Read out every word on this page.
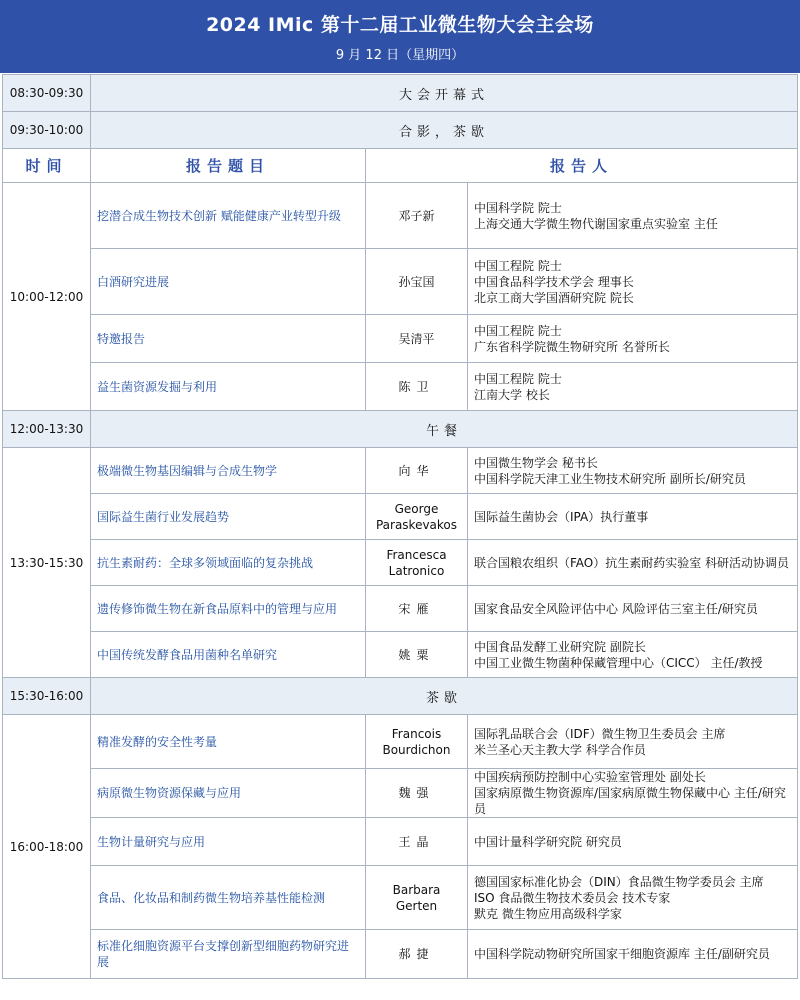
2024 IMic 第十二届工业微生物大会主会场
9 月 12 日（星期四）
08:30-09:30	大会开幕式		
09:30-10:00	合影，茶歇		
时间	报告题目	报告人	
10:00-12:00	挖潜合成生物技术创新 赋能健康产业转型升级	邓子新	中国科学院 院士
上海交通大学微生物代谢国家重点实验室 主任

	白酒研究进展	孙宝国	中国工程院 院士
中国食品科学技术学会 理事长
北京工商大学国酒研究院 院长

	特邀报告	吴清平	中国工程院 院士
广东省科学院微生物研究所 名誉所长

	益生菌资源发掘与利用	陈卫	中国工程院 院士
江南大学 校长

12:00-13:30	午餐		
13:30-15:30	极端微生物基因编辑与合成生物学	向华	中国微生物学会 秘书长
中国科学院天津工业生物技术研究所 副所长/研究员

	国际益生菌行业发展趋势	George Paraskevakos	国际益生菌协会（IPA）执行董事

	抗生素耐药：全球多领域面临的复杂挑战	Francesca Latronico	联合国粮农组织（FAO）抗生素耐药实验室 科研活动协调员

	遗传修饰微生物在新食品原料中的管理与应用	宋雁	国家食品安全风险评估中心 风险评估三室主任/研究员

	中国传统发酵食品用菌种名单研究	姚粟	中国食品发酵工业研究院 副院长
中国工业微生物菌种保藏管理中心（CICC） 主任/教授

15:30-16:00	茶歇		
16:00-18:00	精准发酵的安全性考量	Francois Bourdichon	国际乳品联合会（IDF）微生物卫生委员会 主席
米兰圣心天主教大学 科学合作员

	病原微生物资源保藏与应用	魏强	中国疾病预防控制中心实验室管理处 副处长
国家病原微生物资源库/国家病原微生物保藏中心 主任/研究员

	生物计量研究与应用	王晶	中国计量科学研究院 研究员

	食品、化妆品和制药微生物培养基性能检测	Barbara Gerten	德国国家标准化协会（DIN）食品微生物学委员会 主席
ISO 食品微生物技术委员会 技术专家
默克 微生物应用高级科学家

	标准化细胞资源平台支撑创新型细胞药物研究进展	郝捷	中国科学院动物研究所国家干细胞资源库 主任/副研究员
